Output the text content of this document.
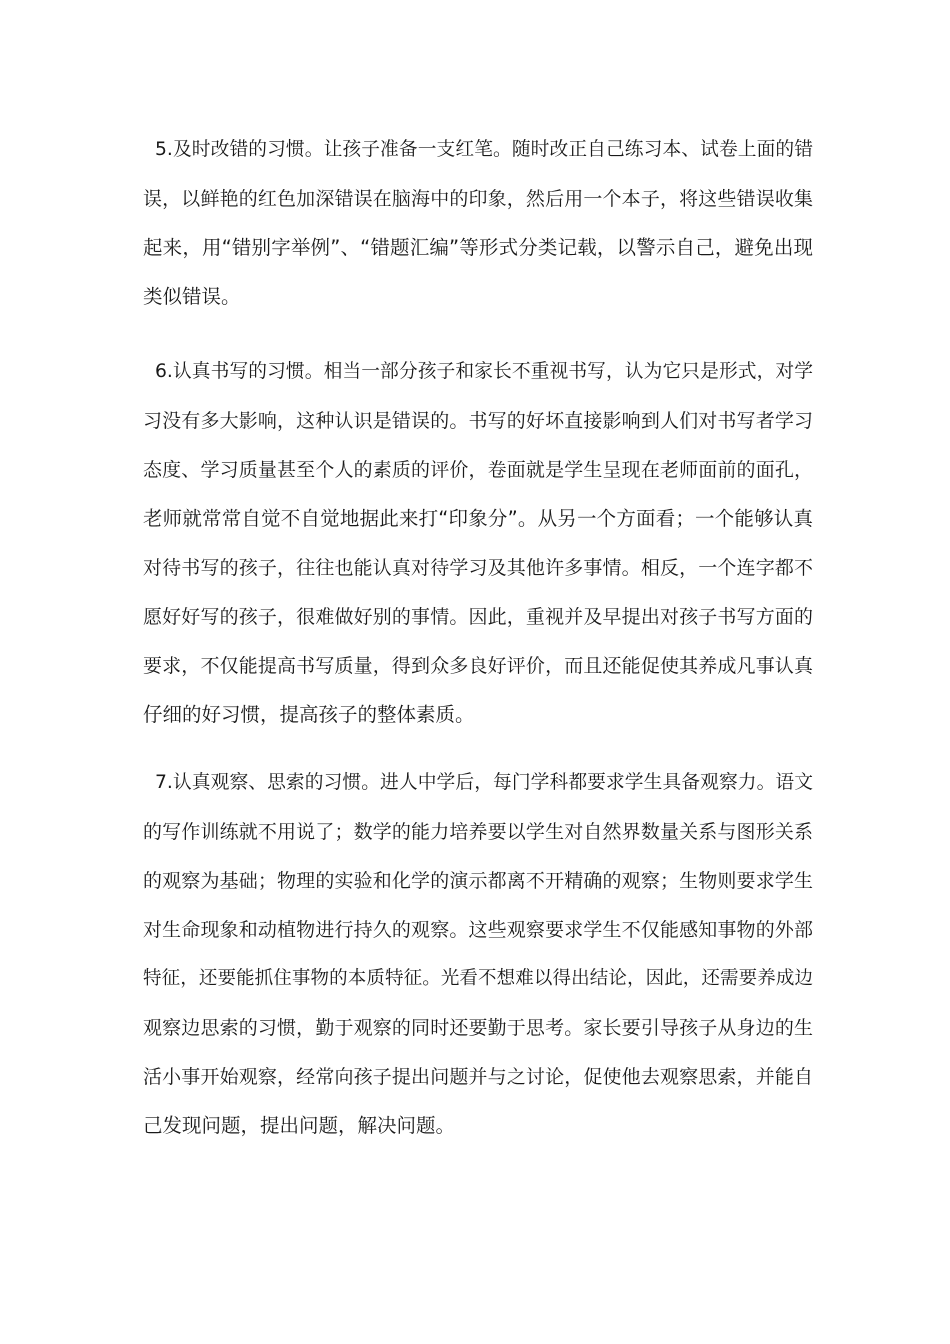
5.及时改错的习惯。让孩子准备一支红笔。随时改正自己练习本、试卷上面的错
误，以鲜艳的红色加深错误在脑海中的印象，然后用一个本子，将这些错误收集
起来，用“错别字举例”、“错题汇编”等形式分类记载，以警示自己，避免出现
类似错误。
6.认真书写的习惯。相当一部分孩子和家长不重视书写，认为它只是形式，对学
习没有多大影响，这种认识是错误的。书写的好坏直接影响到人们对书写者学习
态度、学习质量甚至个人的素质的评价，卷面就是学生呈现在老师面前的面孔，
老师就常常自觉不自觉地据此来打“印象分”。从另一个方面看；一个能够认真
对待书写的孩子，往往也能认真对待学习及其他许多事情。相反，一个连字都不
愿好好写的孩子，很难做好别的事情。因此，重视并及早提出对孩子书写方面的
要求，不仅能提高书写质量，得到众多良好评价，而且还能促使其养成凡事认真
仔细的好习惯，提高孩子的整体素质。
7.认真观察、思索的习惯。进人中学后，每门学科都要求学生具备观察力。语文
的写作训练就不用说了；数学的能力培养要以学生对自然界数量关系与图形关系
的观察为基础；物理的实验和化学的演示都离不开精确的观察；生物则要求学生
对生命现象和动植物进行持久的观察。这些观察要求学生不仅能感知事物的外部
特征，还要能抓住事物的本质特征。光看不想难以得出结论，因此，还需要养成边
观察边思索的习惯，勤于观察的同时还要勤于思考。家长要引导孩子从身边的生
活小事开始观察，经常向孩子提出问题并与之讨论，促使他去观察思索，并能自
己发现问题，提出问题，解决问题。
